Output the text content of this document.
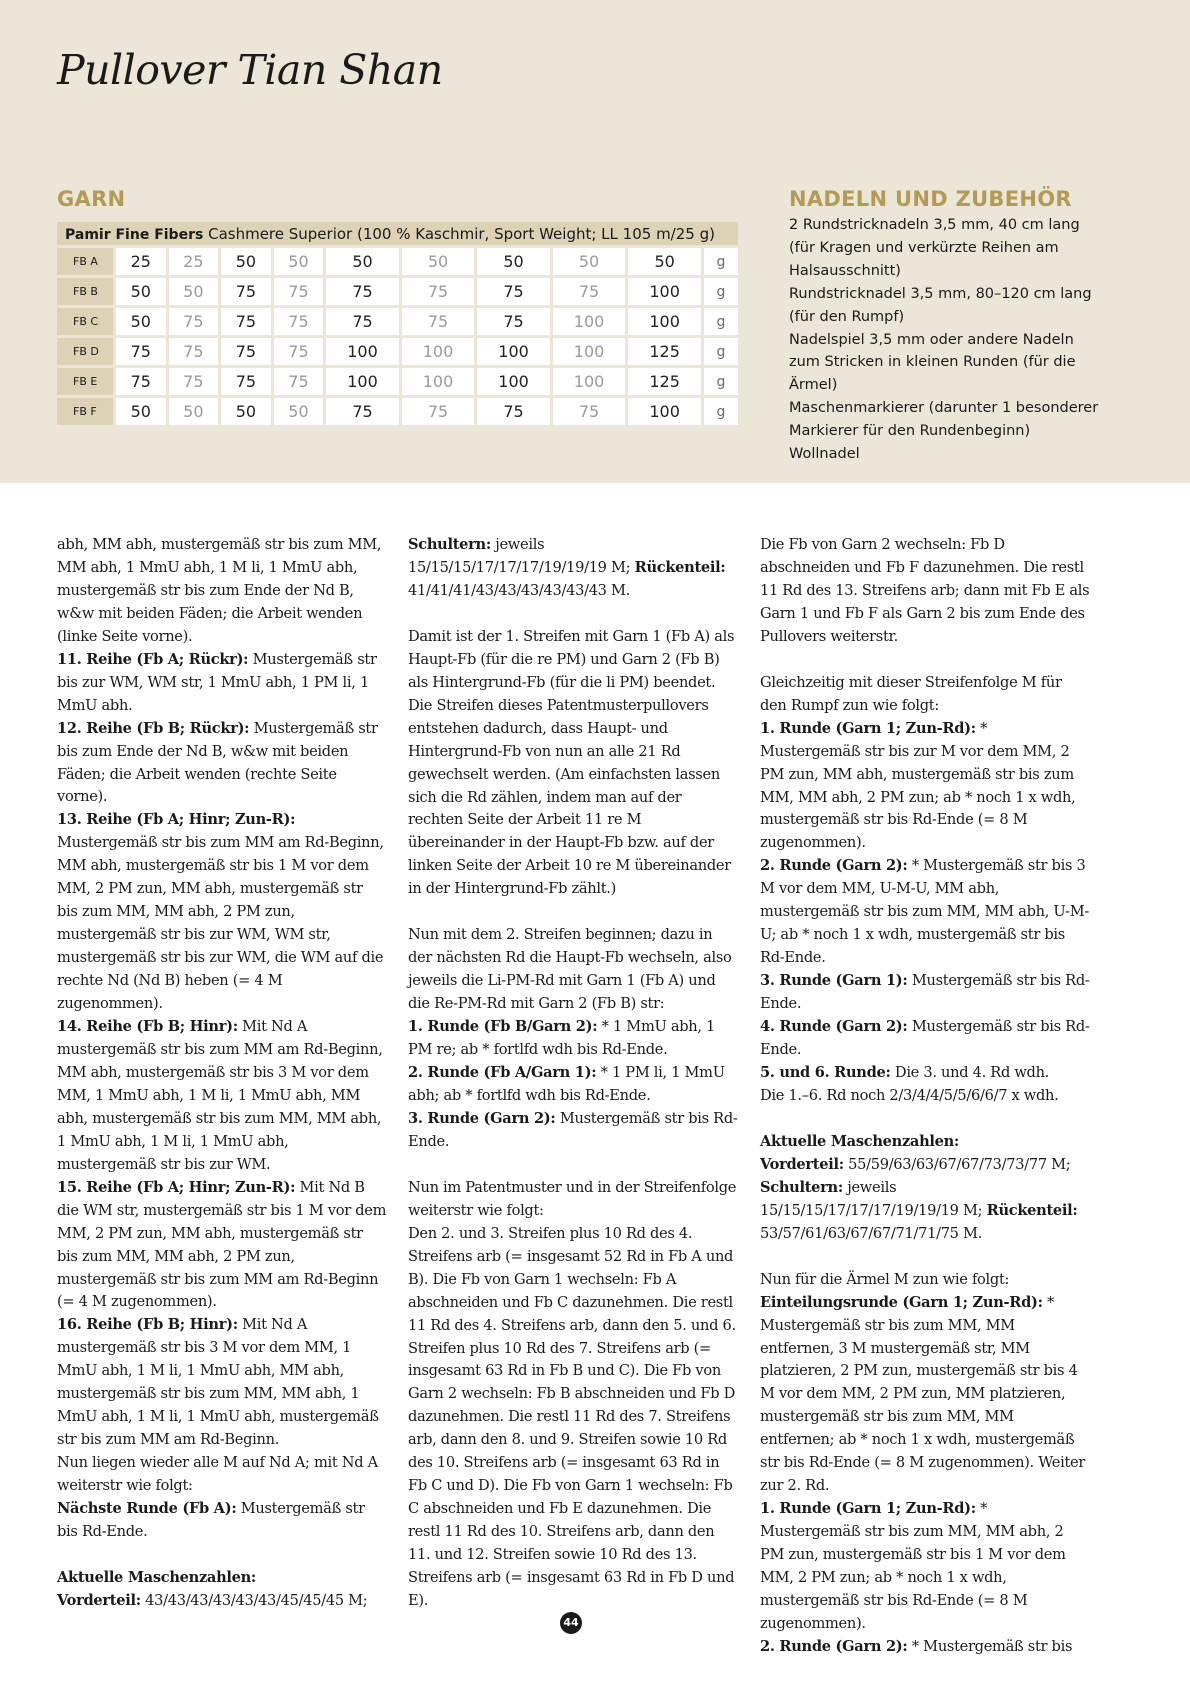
Pullover Tian Shan
GARN
Pamir Fine Fibers Cashmere Superior (100 % Kaschmir, Sport Weight; LL 105 m/25 g)										
FB A	25	25	50	50	50	50	50	50	50	g
FB B	50	50	75	75	75	75	75	75	100	g
FB C	50	75	75	75	75	75	75	100	100	g
FB D	75	75	75	75	100	100	100	100	125	g
FB E	75	75	75	75	100	100	100	100	125	g
FB F	50	50	50	50	75	75	75	75	100	g
NADELN UND ZUBEHÖR
2 Rundstricknadeln 3,5 mm, 40 cm lang (für Kragen und verkürzte Reihen am Halsausschnitt)
Rundstricknadel 3,5 mm, 80–120 cm lang (für den Rumpf)
Nadelspiel 3,5 mm oder andere Nadeln zum Stricken in kleinen Runden (für die Ärmel)
Maschenmarkierer (darunter 1 besonderer Markierer für den Rundenbeginn)
Wollnadel

abh, MM abh, mustergemäß str bis zum MM, MM abh, 1 MmU abh, 1 M li, 1 MmU abh, mustergemäß str bis zum Ende der Nd B, w&w mit beiden Fäden; die Arbeit wenden (linke Seite vorne).

11. Reihe (Fb A; Rückr): Mustergemäß str bis zur WM, WM str, 1 MmU abh, 1 PM li, 1 MmU abh.

12. Reihe (Fb B; Rückr): Mustergemäß str bis zum Ende der Nd B, w&w mit beiden Fäden; die Arbeit wenden (rechte Seite vorne).

13. Reihe (Fb A; Hinr; Zun-R): Mustergemäß str bis zum MM am Rd-Beginn, MM abh, mustergemäß str bis 1 M vor dem MM, 2 PM zun, MM abh, mustergemäß str bis zum MM, MM abh, 2 PM zun, mustergemäß str bis zur WM, WM str, mustergemäß str bis zur WM, die WM auf die rechte Nd (Nd B) heben (= 4 M zugenommen).

14. Reihe (Fb B; Hinr): Mit Nd A mustergemäß str bis zum MM am Rd-Beginn, MM abh, mustergemäß str bis 3 M vor dem MM, 1 MmU abh, 1 M li, 1 MmU abh, MM abh, mustergemäß str bis zum MM, MM abh, 1 MmU abh, 1 M li, 1 MmU abh, mustergemäß str bis zur WM.

15. Reihe (Fb A; Hinr; Zun-R): Mit Nd B die WM str, mustergemäß str bis 1 M vor dem MM, 2 PM zun, MM abh, mustergemäß str bis zum MM, MM abh, 2 PM zun, mustergemäß str bis zum MM am Rd-Beginn (= 4 M zugenommen).

16. Reihe (Fb B; Hinr): Mit Nd A mustergemäß str bis 3 M vor dem MM, 1 MmU abh, 1 M li, 1 MmU abh, MM abh, mustergemäß str bis zum MM, MM abh, 1 MmU abh, 1 M li, 1 MmU abh, mustergemäß str bis zum MM am Rd-Beginn.

Nun liegen wieder alle M auf Nd A; mit Nd A weiterstr wie folgt:

Nächste Runde (Fb A): Mustergemäß str bis Rd-Ende.

Aktuelle Maschenzahlen:

Vorderteil: 43/43/43/43/43/43/45/45/45 M;

Schultern: jeweils 15/15/15/17/17/17/19/19/19 M; Rückenteil: 41/41/41/43/43/43/43/43/43 M.

Damit ist der 1. Streifen mit Garn 1 (Fb A) als Haupt-Fb (für die re PM) und Garn 2 (Fb B) als Hintergrund-Fb (für die li PM) beendet. Die Streifen dieses Patentmusterpullovers entstehen dadurch, dass Haupt- und Hintergrund-Fb von nun an alle 21 Rd gewechselt werden. (Am einfachsten lassen sich die Rd zählen, indem man auf der rechten Seite der Arbeit 11 re M übereinander in der Haupt-Fb bzw. auf der linken Seite der Arbeit 10 re M übereinander in der Hintergrund-Fb zählt.)

Nun mit dem 2. Streifen beginnen; dazu in der nächsten Rd die Haupt-Fb wechseln, also jeweils die Li-PM-Rd mit Garn 1 (Fb A) und die Re-PM-Rd mit Garn 2 (Fb B) str:

1. Runde (Fb B/Garn 2): * 1 MmU abh, 1 PM re; ab * fortlfd wdh bis Rd-Ende.

2. Runde (Fb A/Garn 1): * 1 PM li, 1 MmU abh; ab * fortlfd wdh bis Rd-Ende.

3. Runde (Garn 2): Mustergemäß str bis Rd-Ende.

Nun im Patentmuster und in der Streifenfolge weiterstr wie folgt:

Den 2. und 3. Streifen plus 10 Rd des 4. Streifens arb (= insgesamt 52 Rd in Fb A und B). Die Fb von Garn 1 wechseln: Fb A abschneiden und Fb C dazunehmen. Die restl 11 Rd des 4. Streifens arb, dann den 5. und 6. Streifen plus 10 Rd des 7. Streifens arb (= insgesamt 63 Rd in Fb B und C). Die Fb von Garn 2 wechseln: Fb B abschneiden und Fb D dazunehmen. Die restl 11 Rd des 7. Streifens arb, dann den 8. und 9. Streifen sowie 10 Rd des 10. Streifens arb (= insgesamt 63 Rd in Fb C und D). Die Fb von Garn 1 wechseln: Fb C abschneiden und Fb E dazunehmen. Die restl 11 Rd des 10. Streifens arb, dann den 11. und 12. Streifen sowie 10 Rd des 13. Streifens arb (= insgesamt 63 Rd in Fb D und E).

Die Fb von Garn 2 wechseln: Fb D abschneiden und Fb F dazunehmen. Die restl 11 Rd des 13. Streifens arb; dann mit Fb E als Garn 1 und Fb F als Garn 2 bis zum Ende des Pullovers weiterstr.

Gleichzeitig mit dieser Streifenfolge M für den Rumpf zun wie folgt:

1. Runde (Garn 1; Zun-Rd): * Mustergemäß str bis zur M vor dem MM, 2 PM zun, MM abh, mustergemäß str bis zum MM, MM abh, 2 PM zun; ab * noch 1 x wdh, mustergemäß str bis Rd-Ende (= 8 M zugenommen).

2. Runde (Garn 2): * Mustergemäß str bis 3 M vor dem MM, U-M-U, MM abh, mustergemäß str bis zum MM, MM abh, U-M-U; ab * noch 1 x wdh, mustergemäß str bis Rd-Ende.

3. Runde (Garn 1): Mustergemäß str bis Rd-Ende.

4. Runde (Garn 2): Mustergemäß str bis Rd-Ende.

5. und 6. Runde: Die 3. und 4. Rd wdh.

Die 1.–6. Rd noch 2/3/4/4/5/5/6/6/7 x wdh.

Aktuelle Maschenzahlen:

Vorderteil: 55/59/63/63/67/67/73/73/77 M; Schultern: jeweils 15/15/15/17/17/17/19/19/19 M; Rückenteil: 53/57/61/63/67/67/71/71/75 M.

Nun für die Ärmel M zun wie folgt:

Einteilungsrunde (Garn 1; Zun-Rd): * Mustergemäß str bis zum MM, MM entfernen, 3 M mustergemäß str, MM platzieren, 2 PM zun, mustergemäß str bis 4 M vor dem MM, 2 PM zun, MM platzieren, mustergemäß str bis zum MM, MM entfernen; ab * noch 1 x wdh, mustergemäß str bis Rd-Ende (= 8 M zugenommen). Weiter zur 2. Rd.

1. Runde (Garn 1; Zun-Rd): * Mustergemäß str bis zum MM, MM abh, 2 PM zun, mustergemäß str bis 1 M vor dem MM, 2 PM zun; ab * noch 1 x wdh, mustergemäß str bis Rd-Ende (= 8 M zugenommen).

2. Runde (Garn 2): * Mustergemäß str bis

44
